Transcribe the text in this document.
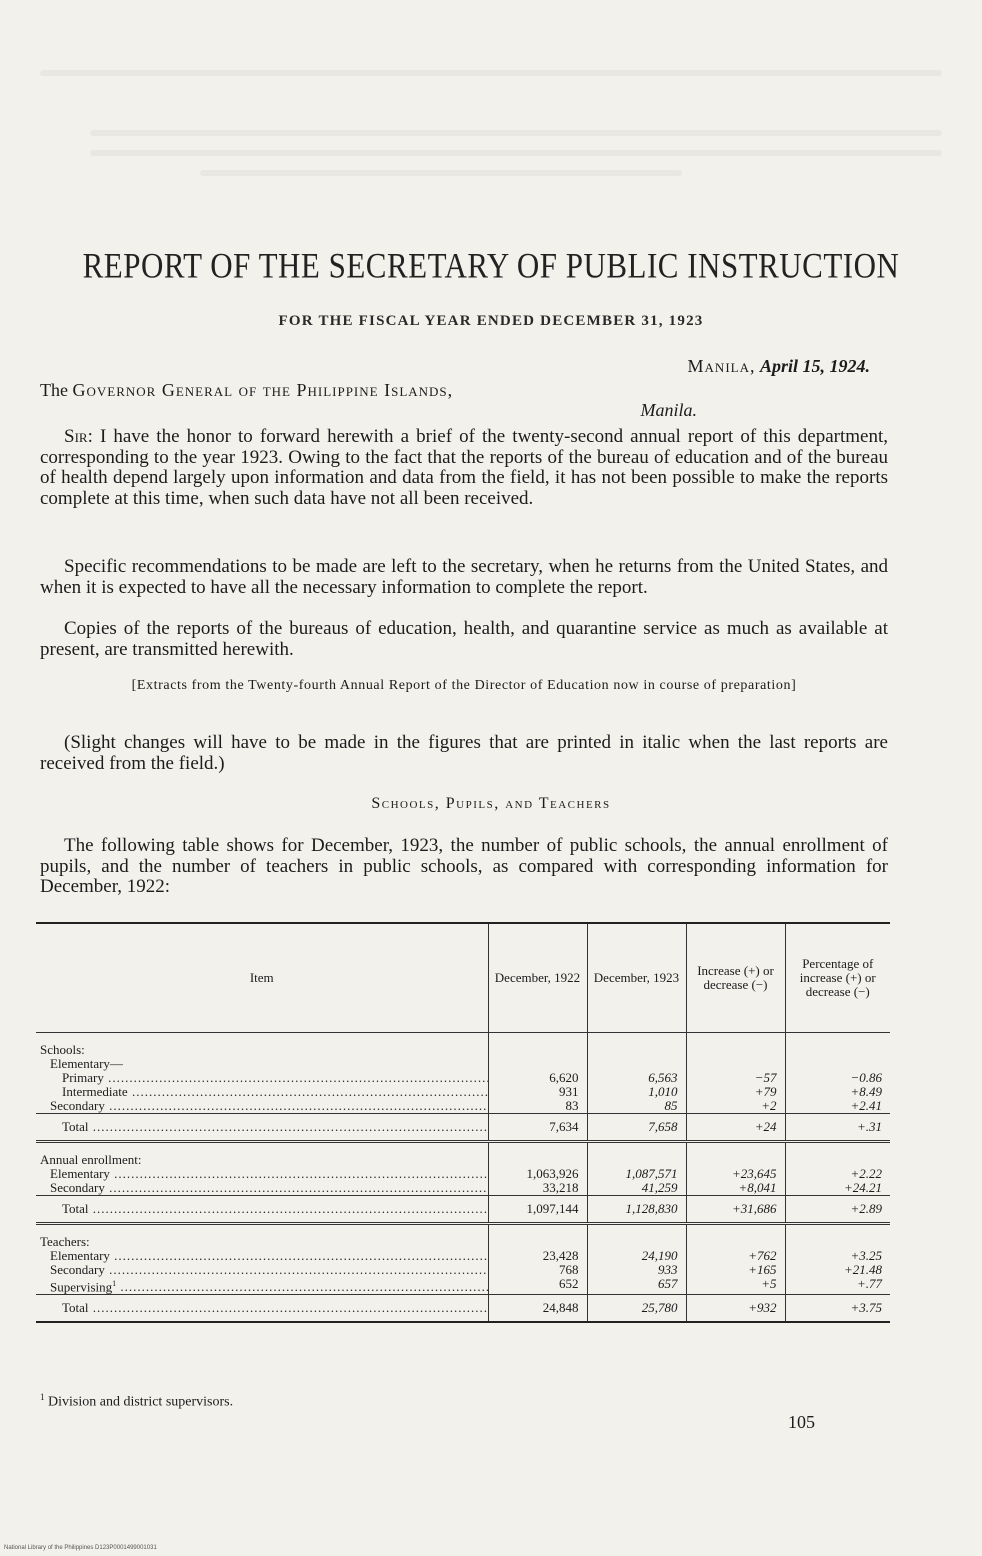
REPORT OF THE SECRETARY OF PUBLIC INSTRUCTION
FOR THE FISCAL YEAR ENDED DECEMBER 31, 1923
Manila, April 15, 1924.
The Governor General of the Philippine Islands,
Manila.

Sir: I have the honor to forward herewith a brief of the twenty-second annual report of this department, corresponding to the year 1923. Owing to the fact that the reports of the bureau of education and of the bureau of health depend largely upon information and data from the field, it has not been possible to make the reports complete at this time, when such data have not all been received.

Specific recommendations to be made are left to the secretary, when he returns from the United States, and when it is expected to have all the necessary information to complete the report.

Copies of the reports of the bureaus of education, health, and quarantine service as much as available at present, are transmitted herewith.

[Extracts from the Twenty-fourth Annual Report of the Director of Education now in course of preparation]

(Slight changes will have to be made in the figures that are printed in italic when the last reports are received from the field.)

Schools, Pupils, and Teachers

The following table shows for December, 1923, the number of public schools, the annual enrollment of pupils, and the number of teachers in public schools, as compared with corresponding information for December, 1922:

Item	December, 1922	December, 1923	Increase (+) or decrease (−)	Percentage of increase (+) or decrease (−)
Schools:				
Elementary—				
Primary .....	6,620	6,563	−57	−0.86
Intermediate .....	931	1,010	+79	+8.49
Secondary .....	83	85	+2	+2.41
Total .....	7,634	7,658	+24	+.31
Annual enrollment:				
Elementary .....	1,063,926	1,087,571	+23,645	+2.22
Secondary .....	33,218	41,259	+8,041	+24.21
Total .....	1,097,144	1,128,830	+31,686	+2.89
Teachers:				
Elementary .....	23,428	24,190	+762	+3.25
Secondary .....	768	933	+165	+21.48
Supervising$^1$ .....	652	657	+5	+.77
Total .....	24,848	25,780	+932	+3.75
$^1$ Division and district supervisors.
105
National Library of the Philippines D123P0001499001031
